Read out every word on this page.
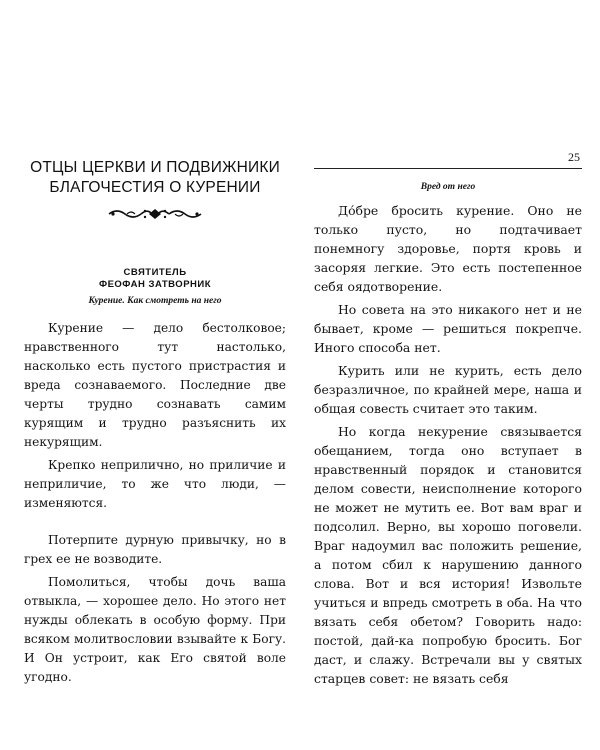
ОТЦЫ ЦЕРКВИ И ПОДВИЖНИКИ
БЛАГОЧЕСТИЯ О КУРЕНИИ
СВЯТИТЕЛЬ
ФЕОФАН ЗАТВОРНИК
Курение. Как смотреть на него

Курение — дело бестолковое; нравственного тут настолько, насколько есть пустого пристрастия и вреда сознаваемого. Последние две черты трудно сознавать самим курящим и трудно разъяснить их некурящим.

Крепко неприлично, но приличие и неприличие, то же что люди, — изменяются.

Потерпите дурную привычку, но в грех ее не возводите.

Помолиться, чтобы дочь ваша отвыкла, — хорошее дело. Но этого нет нужды облекать в особую форму. При всяком молитвословии взывайте к Богу. И Он устроит, как Его святой воле угодно.

25
Вред от него

До́бре бросить курение. Оно не только пусто, но подтачивает понемногу здоровье, портя кровь и засоряя легкие. Это есть постепенное себя оядотворение.

Но совета на это никакого нет и не бывает, кроме — решиться покрепче. Иного способа нет.

Курить или не курить, есть дело безразличное, по крайней мере, наша и общая совесть считает это таким.

Но когда некурение связывается обещанием, тогда оно вступает в нравственный порядок и становится делом совести, неисполнение которого не может не мутить ее. Вот вам враг и подсолил. Верно, вы хорошо поговели. Враг надоумил вас положить решение, а потом сбил к нарушению данного слова. Вот и вся история! Извольте учиться и впредь смотреть в оба. На что вязать себя обетом? Говорить надо: постой, дай-ка попробую бросить. Бог даст, и слажу. Встречали вы у святых старцев совет: не вязать себя
